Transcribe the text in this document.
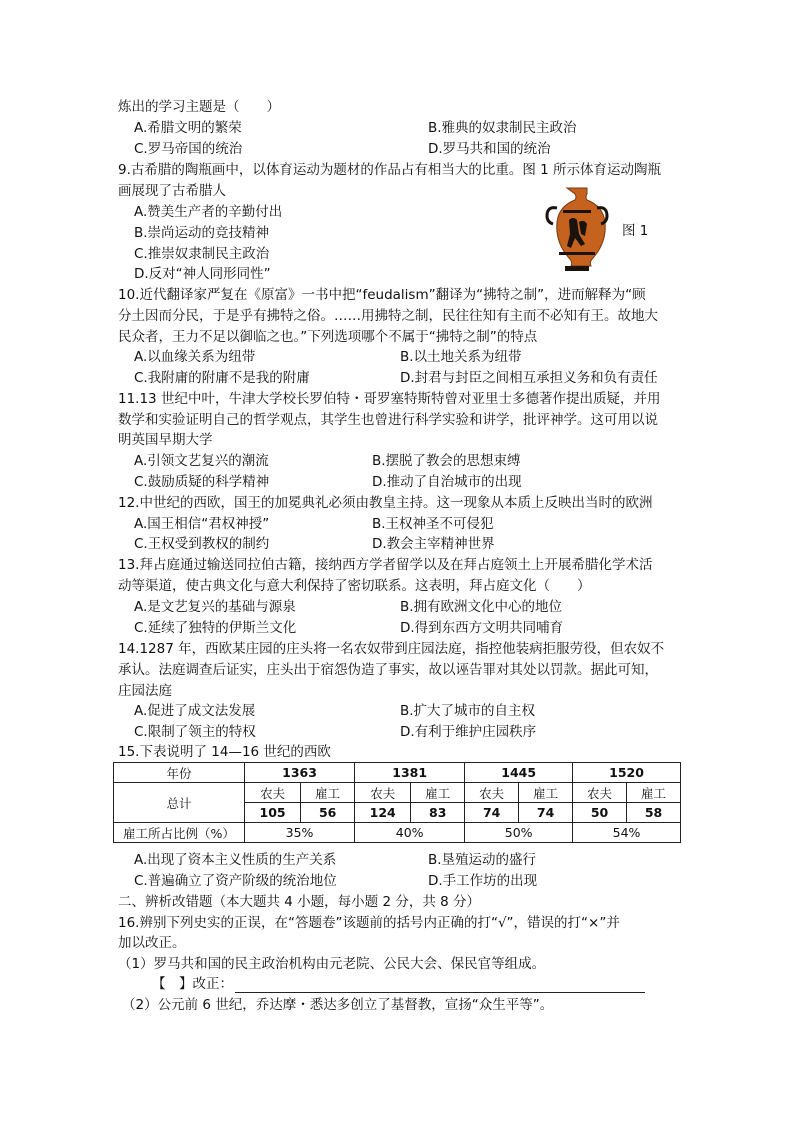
炼出的学习主题是（　　）
A.希腊文明的繁荣	B.雅典的奴隶制民主政治
C.罗马帝国的统治	D.罗马共和国的统治
9.古希腊的陶瓶画中，以体育运动为题材的作品占有相当大的比重。图 1 所示体育运动陶瓶
画展现了古希腊人
A.赞美生产者的辛勤付出
B.崇尚运动的竞技精神
C.推崇奴隶制民主政治
D.反对“神人同形同性”
图 1
10.近代翻译家严复在《原富》一书中把“feudalism”翻译为“拂特之制”，进而解释为“顾
分土因而分民，于是乎有拂特之俗。……用拂特之制，民往往知有主而不必知有王。故地大
民众者，王力不足以御临之也。”下列选项哪个不属于“拂特之制”的特点
A.以血缘关系为纽带	B.以土地关系为纽带
C.我附庸的附庸不是我的附庸	D.封君与封臣之间相互承担义务和负有责任
11.13 世纪中叶，牛津大学校长罗伯特・哥罗塞特斯特曾对亚里士多德著作提出质疑，并用
数学和实验证明自己的哲学观点，其学生也曾进行科学实验和讲学，批评神学。这可用以说
明英国早期大学
A.引领文艺复兴的潮流	B.摆脱了教会的思想束缚
C.鼓励质疑的科学精神	D.推动了自治城市的出现
12.中世纪的西欧，国王的加冕典礼必须由教皇主持。这一现象从本质上反映出当时的欧洲
A.国王相信“君权神授”	B.王权神圣不可侵犯
C.王权受到教权的制约	D.教会主宰精神世界
13.拜占庭通过输送同拉伯古籍，接纳西方学者留学以及在拜占庭领土上开展希腊化学术活
动等渠道，使古典文化与意大利保持了密切联系。这表明，拜占庭文化（　　）
A.是文艺复兴的基础与源泉	B.拥有欧洲文化中心的地位
C.延续了独特的伊斯兰文化	D.得到东西方文明共同哺育
14.1287 年，西欧某庄园的庄头将一名农奴带到庄园法庭，指控他装病拒服劳役，但农奴不
承认。法庭调查后证实，庄头出于宿怨伪造了事实，故以诬告罪对其处以罚款。据此可知，
庄园法庭
A.促进了成文法发展	B.扩大了城市的自主权
C.限制了领主的特权	D.有利于维护庄园秩序
15.下表说明了 14—16 世纪的西欧
年份	1363		1381		1445		1520	
总计	农夫	雇工	农夫	雇工	农夫	雇工	农夫	雇工
	105	56	124	83	74	74	50	58
雇工所占比例（%）	35%		40%		50%		54%	
A.出现了资本主义性质的生产关系	B.垦殖运动的盛行
C.普遍确立了资产阶级的统治地位	D.手工作坊的出现
二、辨析改错题（本大题共 4 小题，每小题 2 分，共 8 分）
16.辨别下列史实的正误，在“答题卷”该题前的括号内正确的打“√”，错误的打“×”并
加以改正。
（1）罗马共和国的民主政治机构由元老院、公民大会、保民官等组成。
【　】改正：
（2）公元前 6 世纪，乔达摩・悉达多创立了基督教，宣扬“众生平等”。
